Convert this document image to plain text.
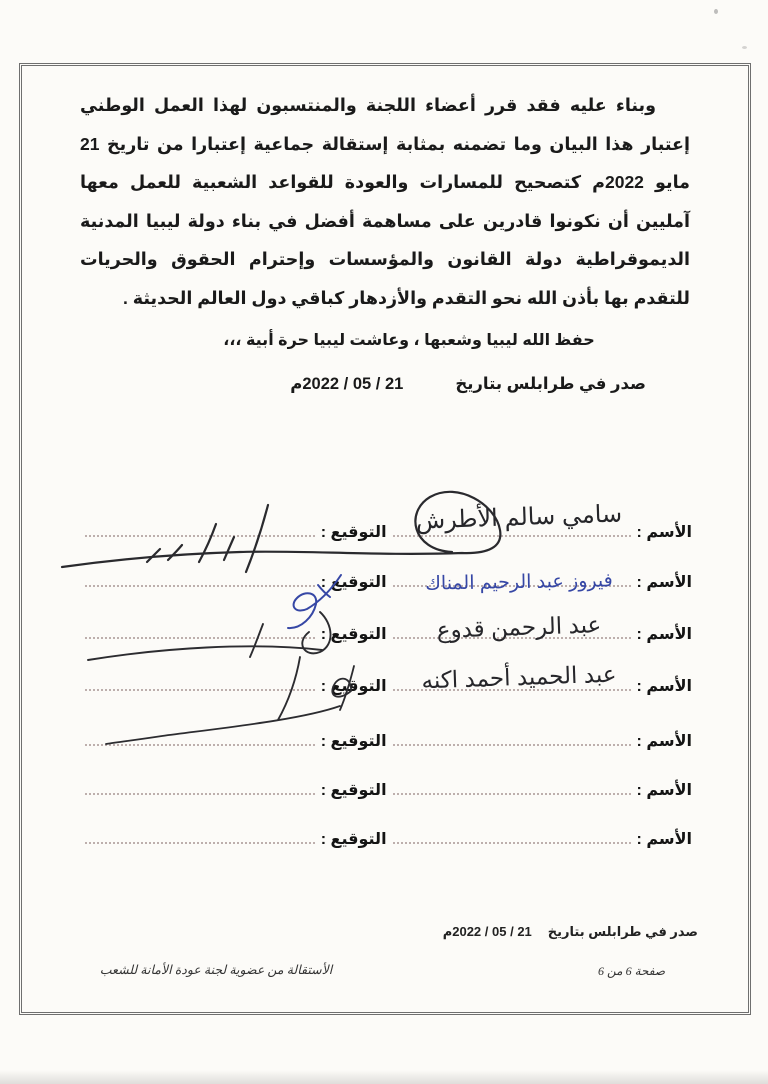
وبناء عليه فقد قرر أعضاء اللجنة والمنتسبون لهذا العمل الوطني إعتبار هذا البيان وما تضمنه بمثابة إستقالة جماعية إعتبارا من تاريخ 21 مايو 2022م كتصحيح للمسارات والعودة للقواعد الشعبية للعمل معها آمليين أن نكونوا قادرين على مساهمة أفضل في بناء دولة ليبيا المدنية الديموقراطية دولة القانون والمؤسسات وإحترام الحقوق والحريات للتقدم بها بأذن الله نحو التقدم والأزدهار كباقي دول العالم الحديثة .
حفظ الله ليبيا وشعبها ، وعاشت ليبيا حرة أبية ،،،
صدر في طرابلس بتاريخ
21 / 05 / 2022م
الأسم :
التوقيع :
الأسم :
التوقيع :
الأسم :
التوقيع :
الأسم :
التوقيع :
الأسم :
التوقيع :
الأسم :
التوقيع :
الأسم :
التوقيع :
سامي سالم الأطرش
فيروز عبد الرحيم المناك
عبد الرحمن قدوع
عبد الحميد أحمد اكنه
صدر في طرابلس بتاريخ
21 / 05 / 2022م
الأستقالة من عضوية لجنة عودة الأمانة للشعب	صفحة 6 من 6
